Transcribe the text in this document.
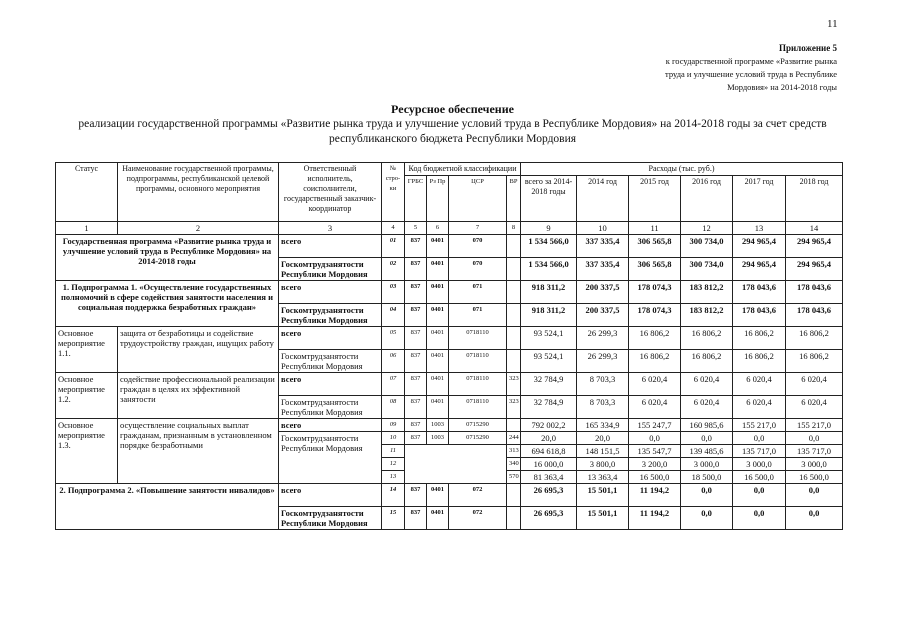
11
Приложение 5
к государственной программе «Развитие рынка
труда и улучшение условий труда в Республике
Мордовия» на 2014-2018 годы
Ресурсное обеспечение
реализации государственной программы «Развитие рынка труда и улучшение условий труда в Республике Мордовия» на 2014-2018 годы за счет средств
республиканского бюджета Республики Мордовия
Статус	Наименование государственной программы, подпрограммы, республиканской целевой программы, основного мероприятия	Ответственный исполнитель, соисполнители, государственный заказчик-координатор	№ стро-ки	Код бюджетной классификации				Расходы (тыс. руб.)					
				ГРБС	Рз Пр	ЦСР	ВР	всего за 2014-2018 годы	2014 год	2015 год	2016 год	2017 год	2018 год
1	2	3	4	5	6	7	8	9	10	11	12	13	14
Государственная программа «Развитие рынка труда и улучшение условий труда в Республике Мордовия» на 2014-2018 годы		всего	01	837	0401	070		1 534 566,0	337 335,4	306 565,8	300 734,0	294 965,4	294 965,4
		Госкомтрудзанятости Республики Мордовия	02	837	0401	070		1 534 566,0	337 335,4	306 565,8	300 734,0	294 965,4	294 965,4
1. Подпрограмма 1. «Осуществление государственных полномочий в сфере содействия занятости населения и социальная поддержка безработных граждан»		всего	03	837	0401	071		918 311,2	200 337,5	178 074,3	183 812,2	178 043,6	178 043,6
		Госкомтрудзанятости Республики Мордовия	04	837	0401	071		918 311,2	200 337,5	178 074,3	183 812,2	178 043,6	178 043,6
Основное мероприятие 1.1.	защита от безработицы и содействие трудоустройству граждан, ищущих работу	всего	05	837	0401	0718110		93 524,1	26 299,3	16 806,2	16 806,2	16 806,2	16 806,2
		Госкомтрудзанятости Республики Мордовия	06	837	0401	0718110		93 524,1	26 299,3	16 806,2	16 806,2	16 806,2	16 806,2
Основное мероприятие 1.2.	содействие профессиональной реализации граждан в целях их эффективной занятости	всего	07	837	0401	0718110	323	32 784,9	8 703,3	6 020,4	6 020,4	6 020,4	6 020,4
		Госкомтрудзанятости Республики Мордовия	08	837	0401	0718110	323	32 784,9	8 703,3	6 020,4	6 020,4	6 020,4	6 020,4
Основное мероприятие 1.3.	осуществление социальных выплат гражданам, признанным в установленном порядке безработными	всего	09	837	1003	0715290		792 002,2	165 334,9	155 247,7	160 985,6	155 217,0	155 217,0
		Госкомтрудзанятости Республики Мордовия	10	837	1003	0715290	244	20,0	20,0	0,0	0,0	0,0	0,0
			11				313	694 618,8	148 151,5	135 547,7	139 485,6	135 717,0	135 717,0
			12				340	16 000,0	3 800,0	3 200,0	3 000,0	3 000,0	3 000,0
			13				570	81 363,4	13 363,4	16 500,0	18 500,0	16 500,0	16 500,0
2. Подпрограмма 2. «Повышение занятости инвалидов»		всего	14	837	0401	072		26 695,3	15 501,1	11 194,2	0,0	0,0	0,0
		Госкомтрудзанятости Республики Мордовия	15	837	0401	072		26 695,3	15 501,1	11 194,2	0,0	0,0	0,0
